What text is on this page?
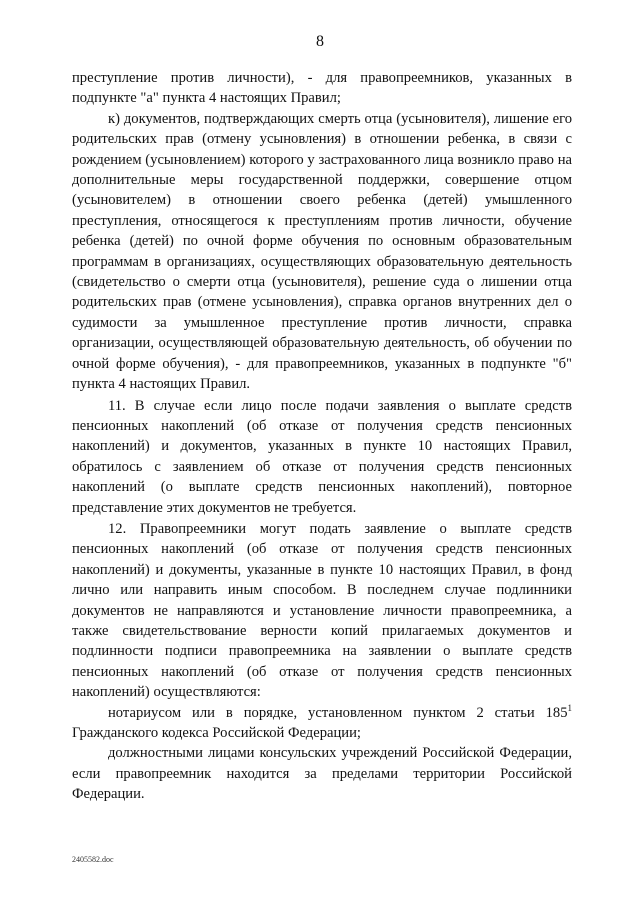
8

преступление против личности), - для правопреемников, указанных в подпункте "а" пункта 4 настоящих Правил;

к) документов, подтверждающих смерть отца (усыновителя), лишение его родительских прав (отмену усыновления) в отношении ребенка, в связи с рождением (усыновлением) которого у застрахованного лица возникло право на дополнительные меры государственной поддержки, совершение отцом (усыновителем) в отношении своего ребенка (детей) умышленного преступления, относящегося к преступлениям против личности, обучение ребенка (детей) по очной форме обучения по основным образовательным программам в организациях, осуществляющих образовательную деятельность (свидетельство о смерти отца (усыновителя), решение суда о лишении отца родительских прав (отмене усыновления), справка органов внутренних дел о судимости за умышленное преступление против личности, справка организации, осуществляющей образовательную деятельность, об обучении по очной форме обучения), - для правопреемников, указанных в подпункте "б" пункта 4 настоящих Правил.

11. В случае если лицо после подачи заявления о выплате средств пенсионных накоплений (об отказе от получения средств пенсионных накоплений) и документов, указанных в пункте 10 настоящих Правил, обратилось с заявлением об отказе от получения средств пенсионных накоплений (о выплате средств пенсионных накоплений), повторное представление этих документов не требуется.

12. Правопреемники могут подать заявление о выплате средств пенсионных накоплений (об отказе от получения средств пенсионных накоплений) и документы, указанные в пункте 10 настоящих Правил, в фонд лично или направить иным способом. В последнем случае подлинники документов не направляются и установление личности правопреемника, а также свидетельствование верности копий прилагаемых документов и подлинности подписи правопреемника на заявлении о выплате средств пенсионных накоплений (об отказе от получения средств пенсионных накоплений) осуществляются:

нотариусом или в порядке, установленном пунктом 2 статьи $185^1$ Гражданского кодекса Российской Федерации;

должностными лицами консульских учреждений Российской Федерации, если правопреемник находится за пределами территории Российской Федерации.

2405582.doc
